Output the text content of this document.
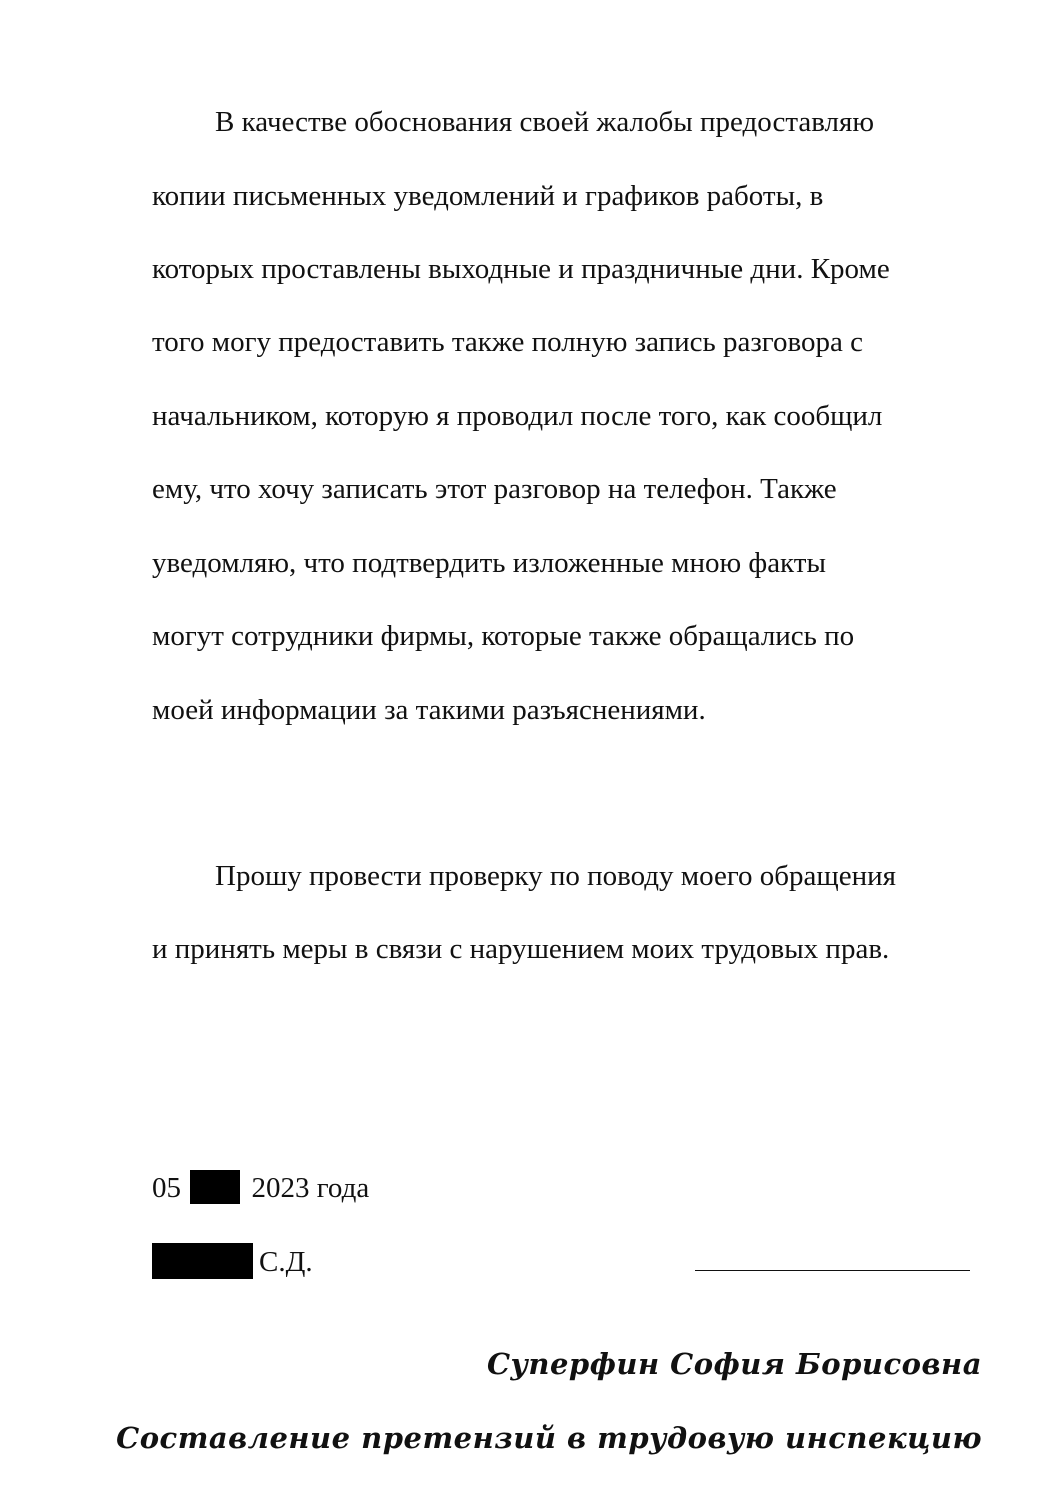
В качестве обоснования своей жалобы предоставляю
копии письменных уведомлений и графиков работы, в
которых проставлены выходные и праздничные дни. Кроме
того могу предоставить также полную запись разговора с
начальником, которую я проводил после того, как сообщил
ему, что хочу записать этот разговор на телефон. Также
уведомляю, что подтвердить изложенные мною факты
могут сотрудники фирмы, которые также обращались по
моей информации за такими разъяснениями.
Прошу провести проверку по поводу моего обращения
и принять меры в связи с нарушением моих трудовых прав.
05 2023 года
С.Д.
Суперфин София Борисовна
Составление претензий в трудовую инспекцию
